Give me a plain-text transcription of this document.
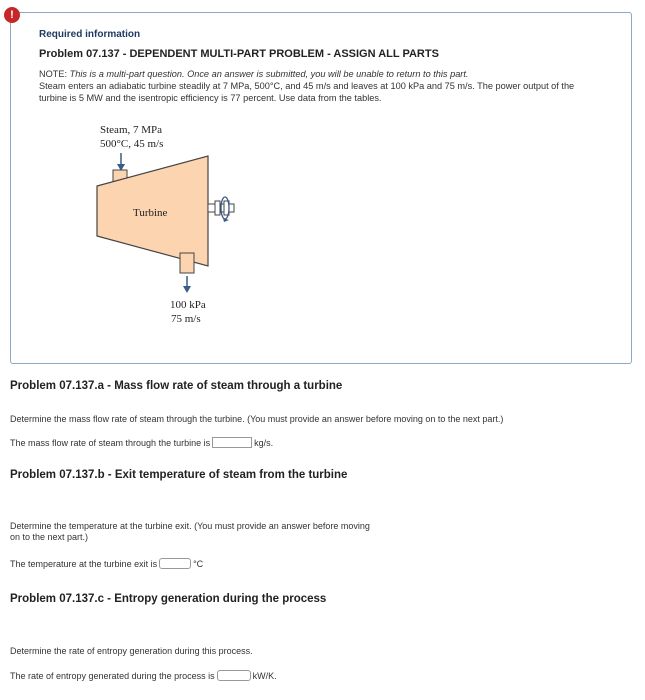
!
Required information
Problem 07.137 - DEPENDENT MULTI-PART PROBLEM - ASSIGN ALL PARTS
NOTE: This is a multi-part question. Once an answer is submitted, you will be unable to return to this part.
Steam enters an adiabatic turbine steadily at 7 MPa, 500°C, and 45 m/s and leaves at 100 kPa and 75 m/s. The power output of the turbine is 5 MW and the isentropic efficiency is 77 percent. Use data from the tables.
Steam, 7 MPa
500°C, 45 m/s
Turbine
100 kPa
75 m/s
Problem 07.137.a - Mass flow rate of steam through a turbine
Determine the mass flow rate of steam through the turbine. (You must provide an answer before moving on to the next part.)
The mass flow rate of steam through the turbine is	kg/s.
Problem 07.137.b - Exit temperature of steam from the turbine
Determine the temperature at the turbine exit. (You must provide an answer before moving
on to the next part.)
The temperature at the turbine exit is	°C
Problem 07.137.c - Entropy generation during the process
Determine the rate of entropy generation during this process.
The rate of entropy generated during the process is	kW/K.
